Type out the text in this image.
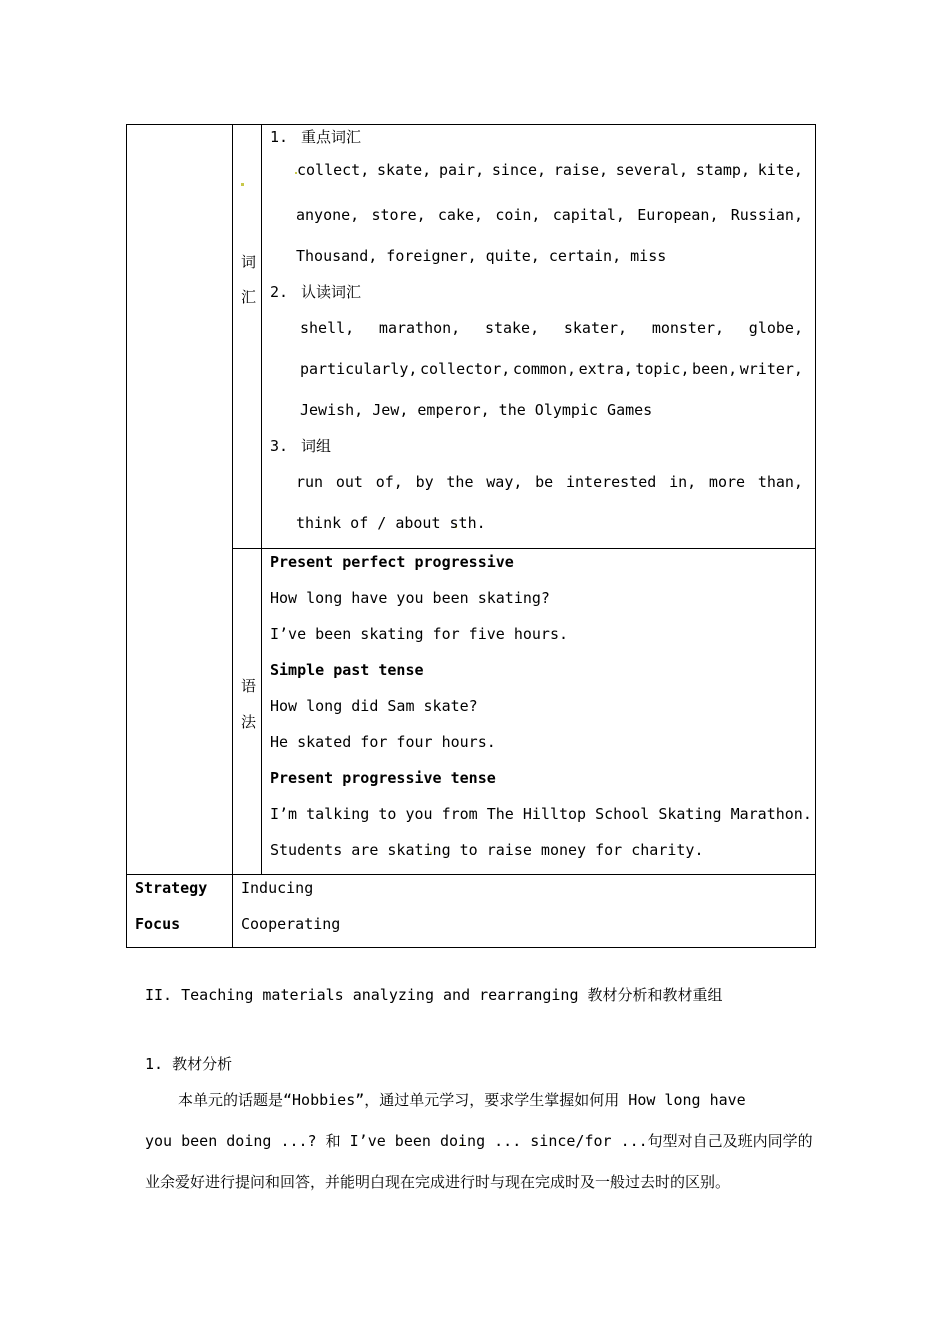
词
汇
1. 重点词汇
collect, skate, pair, since, raise, several, stamp, kite,
anyone, store, cake, coin, capital, European, Russian,
Thousand, foreigner, quite, certain, miss
2. 认读词汇
shell, marathon, stake, skater, monster, globe,
particularly, collector, common, extra, topic, been, writer,
Jewish, Jew, emperor, the Olympic Games
3. 词组
run out of, by the way, be interested in, more than,
think of / about sth.
语
法
Present perfect progressive
How long have you been skating?
I’ve been skating for five hours.
Simple past tense
How long did Sam skate?
He skated for four hours.
Present progressive tense
I’m talking to you from The Hilltop School Skating Marathon.
Students are skating to raise money for charity.
Strategy
Focus
Inducing
Cooperating
II. Teaching materials analyzing and rearranging 教材分析和教材重组
1. 教材分析
本单元的话题是“Hobbies”，通过单元学习，要求学生掌握如何用 How long have
you been doing ...? 和 I’ve been doing ... since/for ...句型对自己及班内同学的
业余爱好进行提问和回答，并能明白现在完成进行时与现在完成时及一般过去时的区别。
